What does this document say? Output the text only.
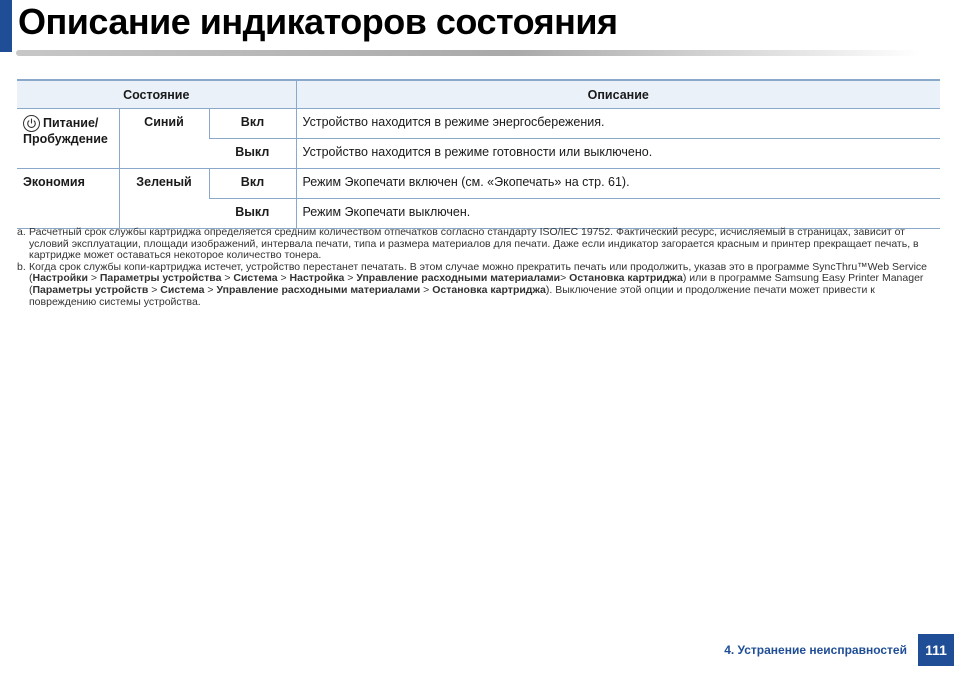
Описание индикаторов состояния
Состояние			Описание

Питание/
Пробуждение	Синий	Вкл	Устройство находится в режиме энергосбережения.
		Выкл	Устройство находится в режиме готовности или выключено.
Экономия	Зеленый	Вкл	Режим Экопечати включен (см. «Экопечать» на стр. 61).
		Выкл	Режим Экопечати выключен.

a. Расчетный срок службы картриджа определяется средним количеством отпечатков согласно стандарту ISO/IEC 19752. Фактический ресурс, исчисляемый в страницах, зависит от условий эксплуатации, площади изображений, интервала печати, типа и размера материалов для печати. Даже если индикатор загорается красным и принтер прекращает печать, в картридже может оставаться некоторое количество тонера.

b. Когда срок службы копи-картриджа истечет, устройство перестанет печатать. В этом случае можно прекратить печать или продолжить, указав это в программе SyncThru™Web Service (Настройки > Параметры устройства > Система > Настройка > Управление расходными материалами> Остановка картриджа) или в программе Samsung Easy Printer Manager (Параметры устройств > Система > Управление расходными материалами > Остановка картриджа). Выключение этой опции и продолжение печати может привести к повреждению системы устройства.

4. Устранение неисправностей	111
